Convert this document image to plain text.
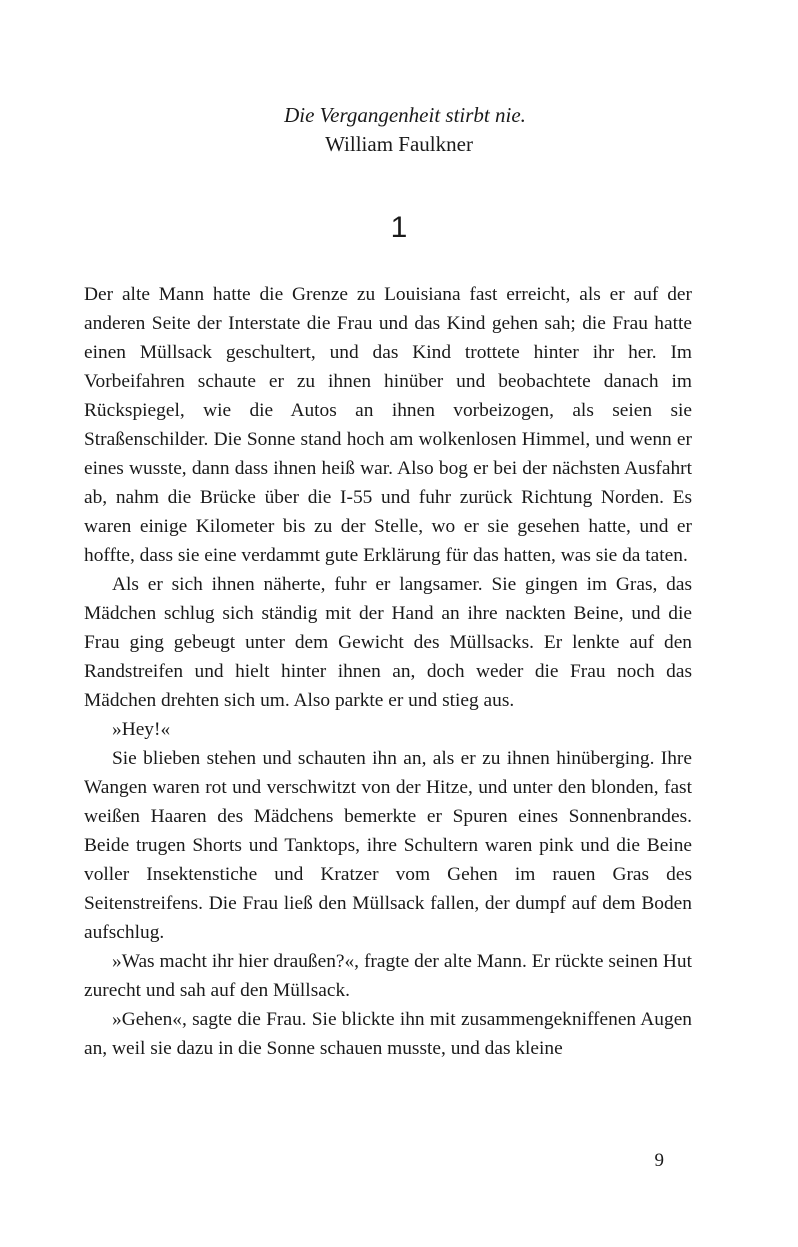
Die Vergangenheit stirbt nie.
William Faulkner
1

Der alte Mann hatte die Grenze zu Louisiana fast erreicht, als er auf der anderen Seite der Interstate die Frau und das Kind gehen sah; die Frau hatte einen Müllsack geschultert, und das Kind trottete hinter ihr her. Im Vorbeifahren schaute er zu ihnen hinüber und beobachtete danach im Rückspiegel, wie die Autos an ihnen vorbeizogen, als seien sie Straßenschilder. Die Sonne stand hoch am wolkenlosen Himmel, und wenn er eines wusste, dann dass ihnen heiß war. Also bog er bei der nächsten Ausfahrt ab, nahm die Brücke über die I-55 und fuhr zurück Richtung Norden. Es waren einige Kilometer bis zu der Stelle, wo er sie gesehen hatte, und er hoffte, dass sie eine verdammt gute Erklärung für das hatten, was sie da taten.

Als er sich ihnen näherte, fuhr er langsamer. Sie gingen im Gras, das Mädchen schlug sich ständig mit der Hand an ihre nackten Beine, und die Frau ging gebeugt unter dem Gewicht des Müllsacks. Er lenkte auf den Randstreifen und hielt hinter ihnen an, doch weder die Frau noch das Mädchen drehten sich um. Also parkte er und stieg aus.

»Hey!«

Sie blieben stehen und schauten ihn an, als er zu ihnen hinüberging. Ihre Wangen waren rot und verschwitzt von der Hitze, und unter den blonden, fast weißen Haaren des Mädchens bemerkte er Spuren eines Sonnenbrandes. Beide trugen Shorts und Tanktops, ihre Schultern waren pink und die Beine voller Insektenstiche und Kratzer vom Gehen im rauen Gras des Seitenstreifens. Die Frau ließ den Müllsack fallen, der dumpf auf dem Boden aufschlug.

»Was macht ihr hier draußen?«, fragte der alte Mann. Er rückte seinen Hut zurecht und sah auf den Müllsack.

»Gehen«, sagte die Frau. Sie blickte ihn mit zusammengekniffenen Augen an, weil sie dazu in die Sonne schauen musste, und das kleine

9
